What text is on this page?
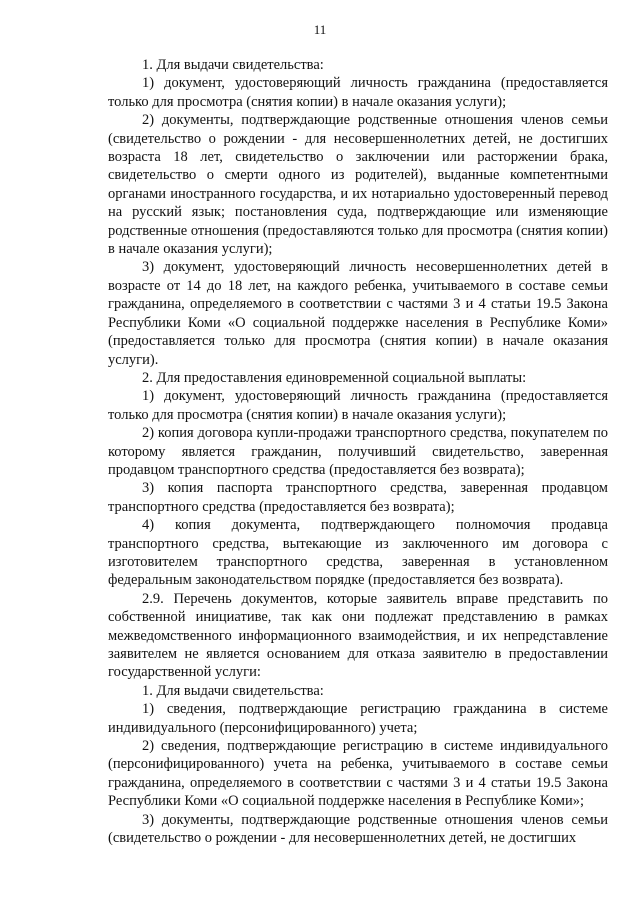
11

1. Для выдачи свидетельства:

1) документ, удостоверяющий личность гражданина (предоставляется только для просмотра (снятия копии) в начале оказания услуги);

2) документы, подтверждающие родственные отношения членов семьи (свидетельство о рождении - для несовершеннолетних детей, не достигших возраста 18 лет, свидетельство о заключении или расторжении брака, свидетельство о смерти одного из родителей), выданные компетентными органами иностранного государства, и их нотариально удостоверенный перевод на русский язык; постановления суда, подтверждающие или изменяющие родственные отношения (предоставляются только для просмотра (снятия копии) в начале оказания услуги);

3) документ, удостоверяющий личность несовершеннолетних детей в возрасте от 14 до 18 лет, на каждого ребенка, учитываемого в составе семьи гражданина, определяемого в соответствии с частями 3 и 4 статьи 19.5 Закона Республики Коми «О социальной поддержке населения в Республике Коми» (предоставляется только для просмотра (снятия копии) в начале оказания услуги).

2. Для предоставления единовременной социальной выплаты:

1) документ, удостоверяющий личность гражданина (предоставляется только для просмотра (снятия копии) в начале оказания услуги);

2) копия договора купли-продажи транспортного средства, покупателем по которому является гражданин, получивший свидетельство, заверенная продавцом транспортного средства (предоставляется без возврата);

3) копия паспорта транспортного средства, заверенная продавцом транспортного средства (предоставляется без возврата);

4) копия документа, подтверждающего полномочия продавца транспортного средства, вытекающие из заключенного им договора с изготовителем транспортного средства, заверенная в установленном федеральным законодательством порядке (предоставляется без возврата).

2.9. Перечень документов, которые заявитель вправе представить по собственной инициативе, так как они подлежат представлению в рамках межведомственного информационного взаимодействия, и их непредставление заявителем не является основанием для отказа заявителю в предоставлении государственной услуги:

1. Для выдачи свидетельства:

1) сведения, подтверждающие регистрацию гражданина в системе индивидуального (персонифицированного) учета;

2) сведения, подтверждающие регистрацию в системе индивидуального (персонифицированного) учета на ребенка, учитываемого в составе семьи гражданина, определяемого в соответствии с частями 3 и 4 статьи 19.5 Закона Республики Коми «О социальной поддержке населения в Республике Коми»;

3) документы, подтверждающие родственные отношения членов семьи (свидетельство о рождении - для несовершеннолетних детей, не достигших
